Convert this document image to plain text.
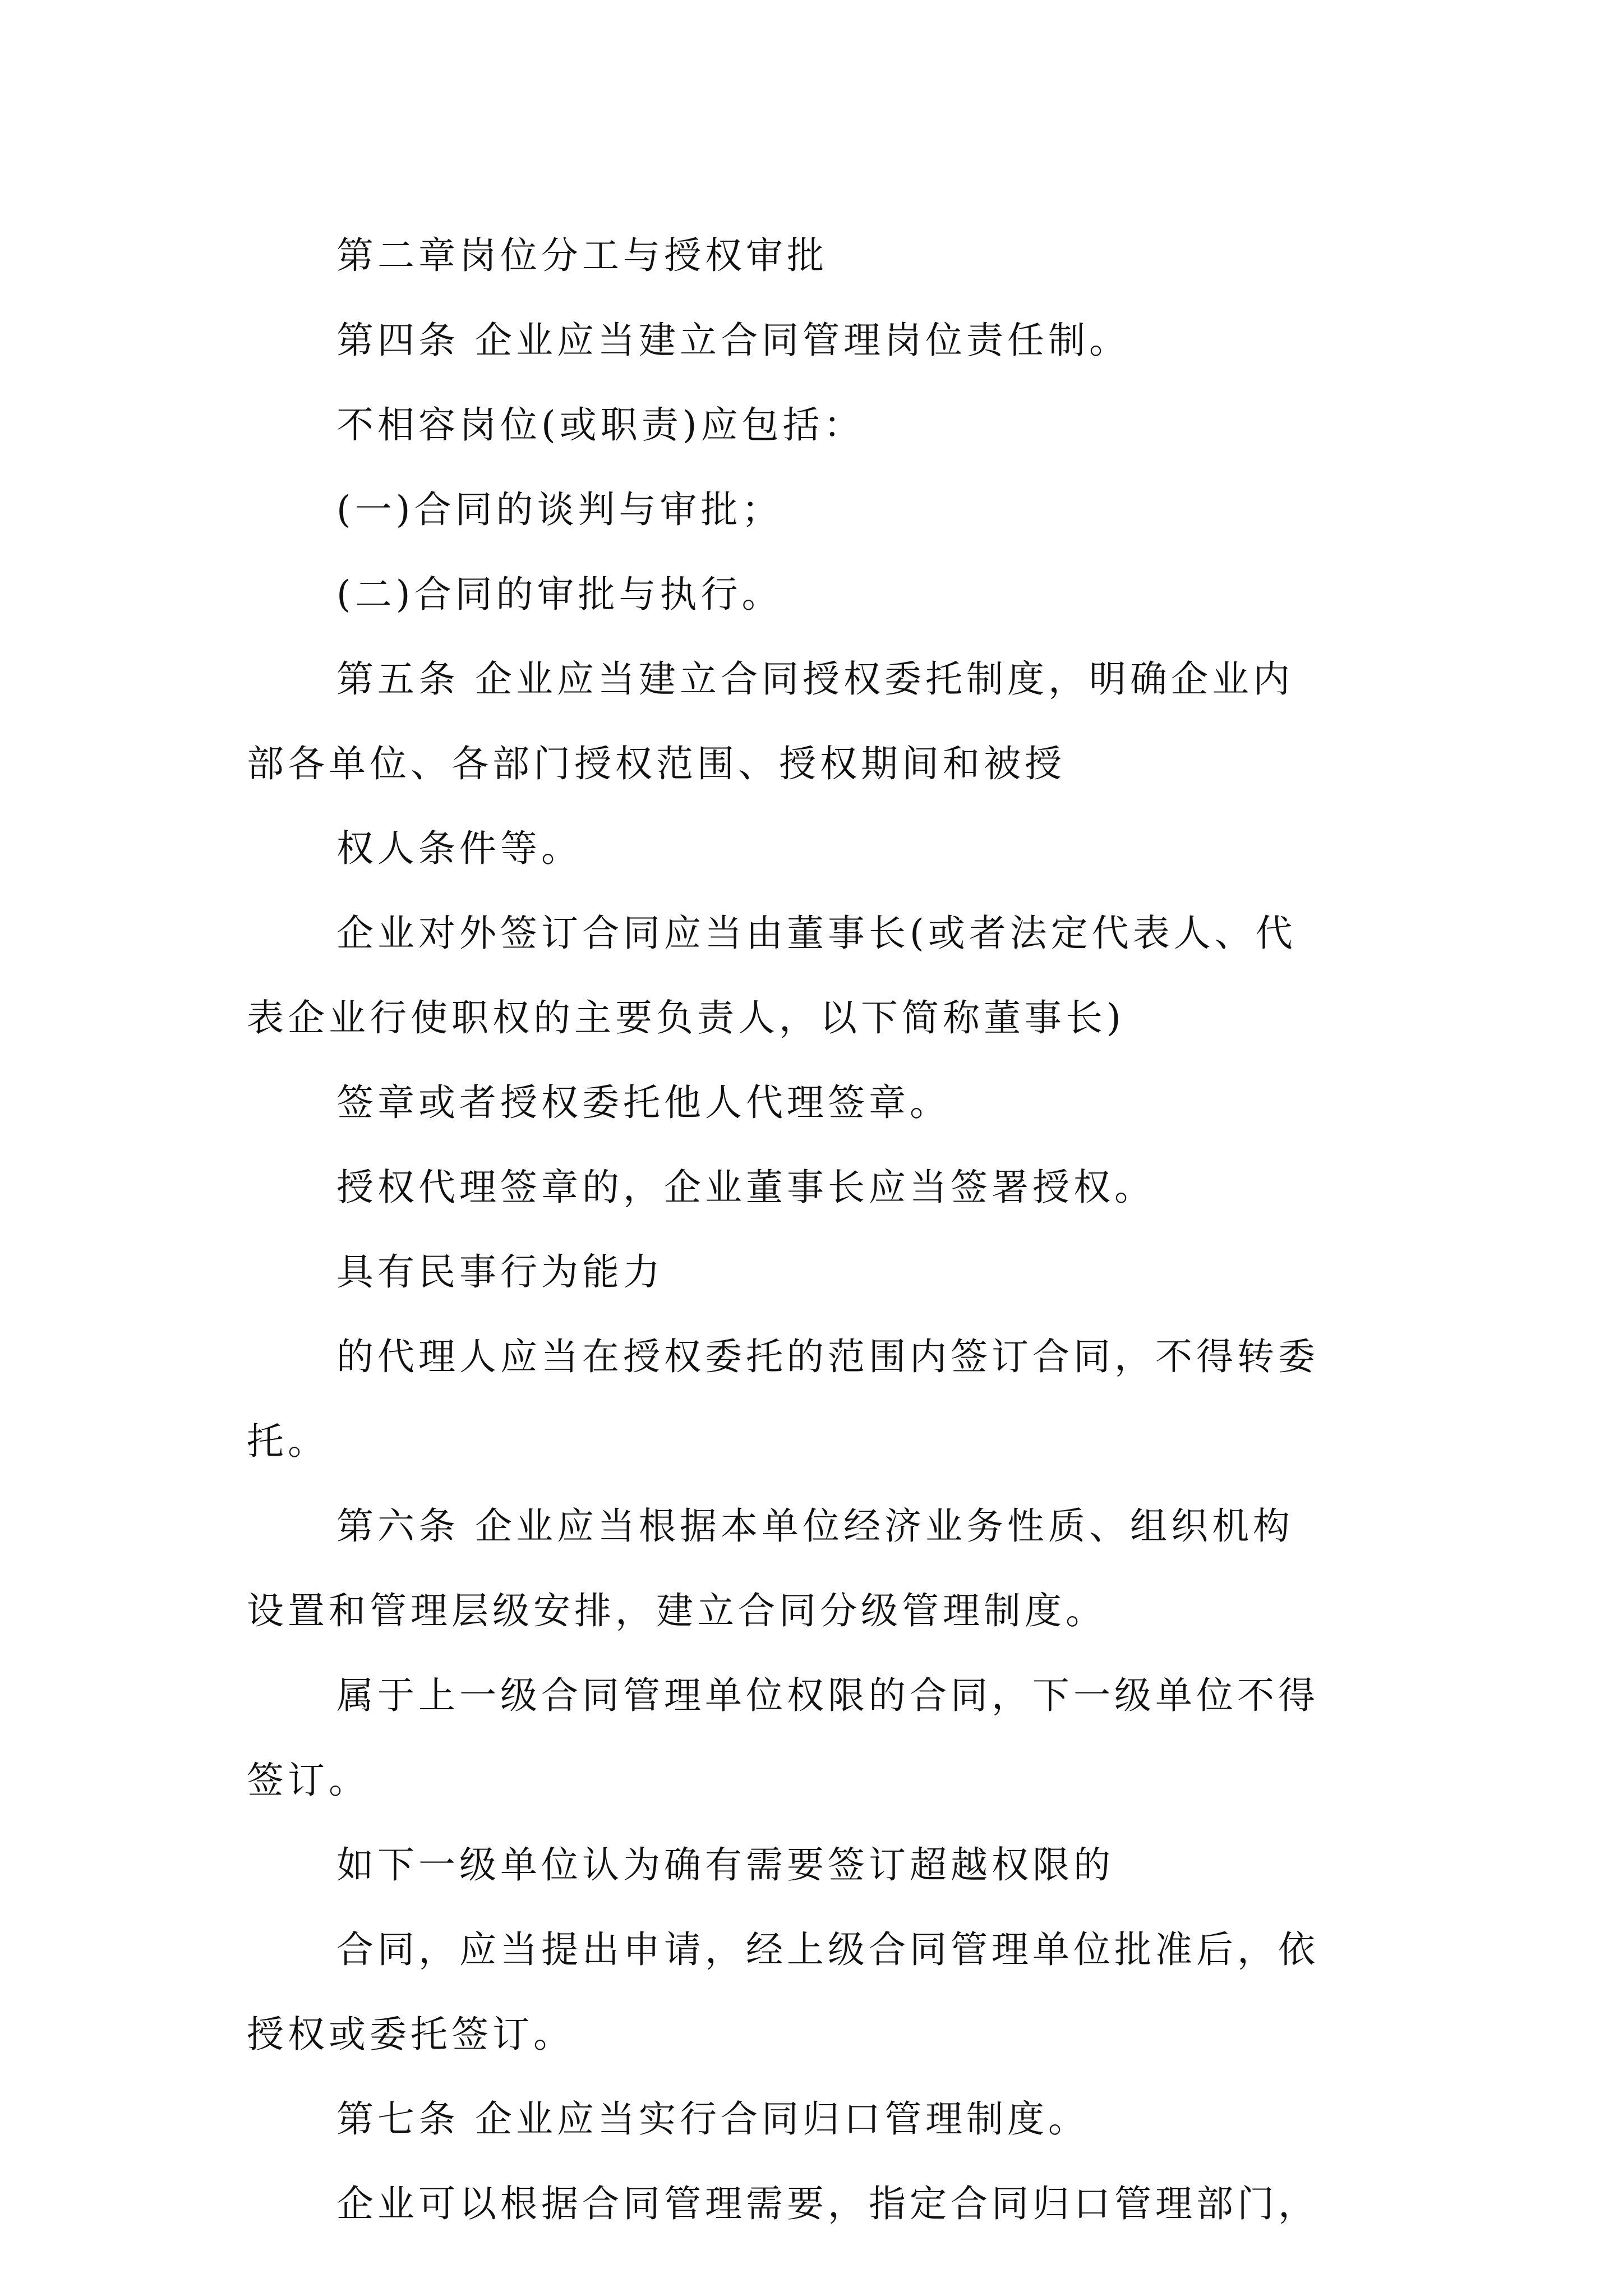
第二章岗位分工与授权审批
第四条 企业应当建立合同管理岗位责任制。
不相容岗位(或职责)应包括：
(一)合同的谈判与审批；
(二)合同的审批与执行。
第五条 企业应当建立合同授权委托制度，明确企业内
部各单位、各部门授权范围、授权期间和被授
权人条件等。
企业对外签订合同应当由董事长(或者法定代表人、代
表企业行使职权的主要负责人，以下简称董事长)
签章或者授权委托他人代理签章。
授权代理签章的，企业董事长应当签署授权。
具有民事行为能力
的代理人应当在授权委托的范围内签订合同，不得转委
托。
第六条 企业应当根据本单位经济业务性质、组织机构
设置和管理层级安排，建立合同分级管理制度。
属于上一级合同管理单位权限的合同，下一级单位不得
签订。
如下一级单位认为确有需要签订超越权限的
合同，应当提出申请，经上级合同管理单位批准后，依
授权或委托签订。
第七条 企业应当实行合同归口管理制度。
企业可以根据合同管理需要，指定合同归口管理部门，
